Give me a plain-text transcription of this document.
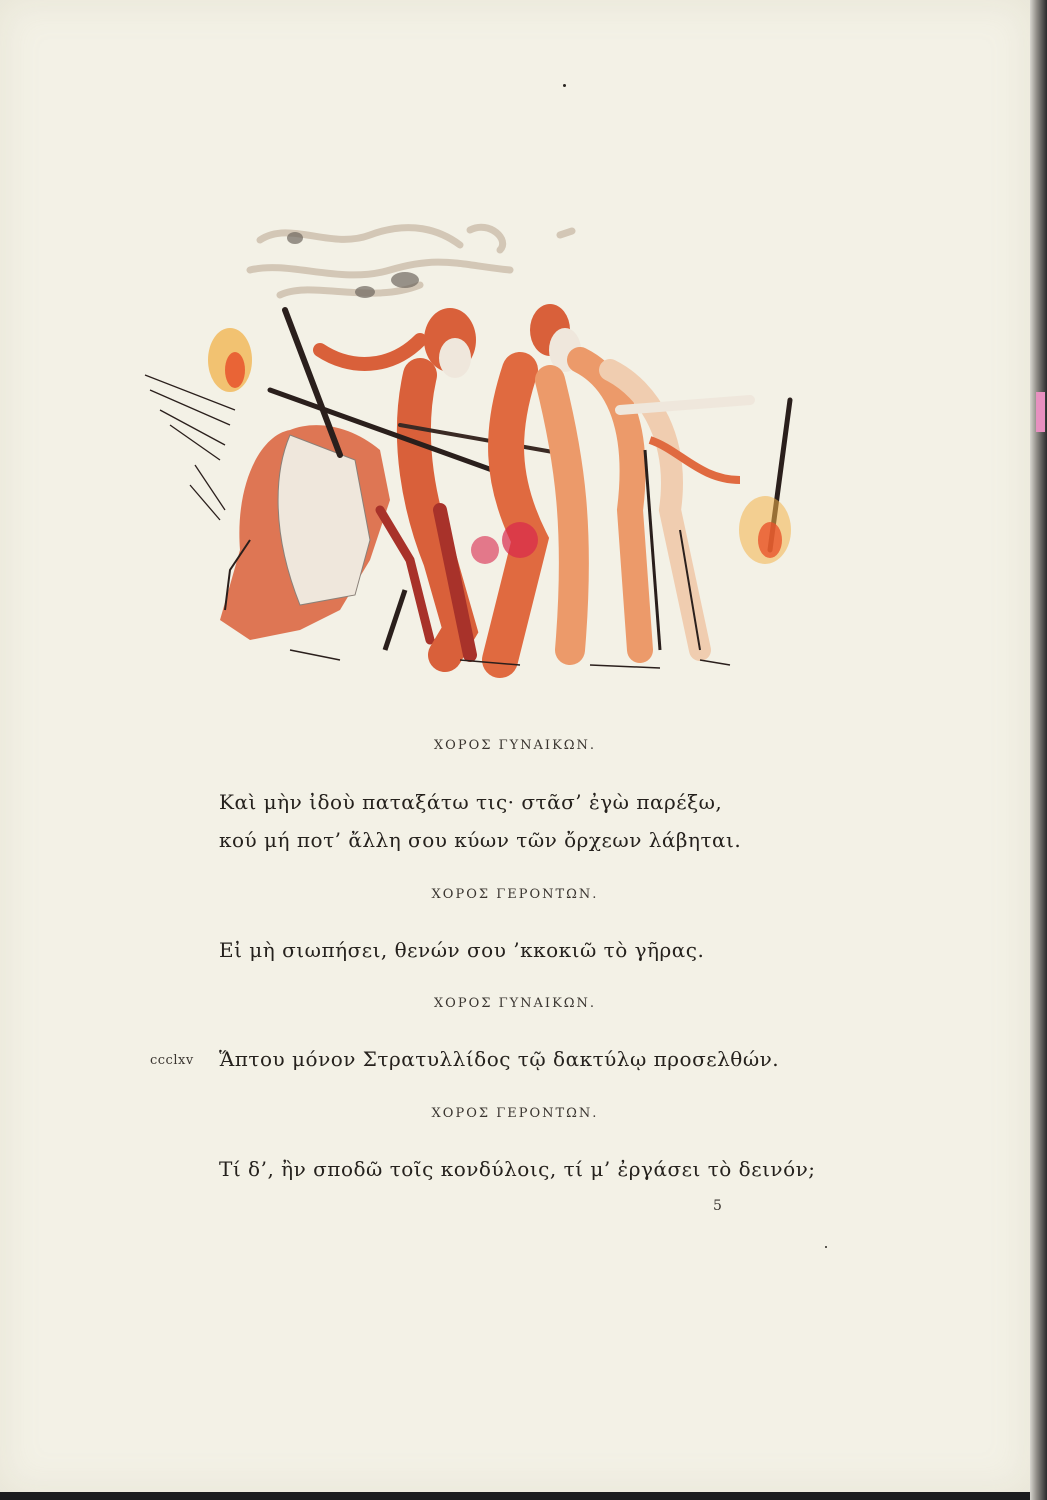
ΧΟΡΟΣ ΓΥΝΑΙΚΩΝ.
Καὶ μὴν ἰδοὺ παταξάτω τις· στᾶσ’ ἐγὼ παρέξω,
κού μή ποτ’ ἄλλη σου κύων τῶν ὄρχεων λάβηται.
ΧΟΡΟΣ ΓΕΡΟΝΤΩΝ.
Εἰ μὴ σιωπήσει, θενών σου ’κκοκιῶ τὸ γῆρας.
ΧΟΡΟΣ ΓΥΝΑΙΚΩΝ.
ccclxv Ἅπτου μόνον Στρατυλλίδος τῷ δακτύλῳ προσελθών.
ΧΟΡΟΣ ΓΕΡΟΝΤΩΝ.
Τί δ’, ἢν σποδῶ τοῖς κονδύλοις, τί μ’ ἐργάσει τὸ δεινόν;
5
